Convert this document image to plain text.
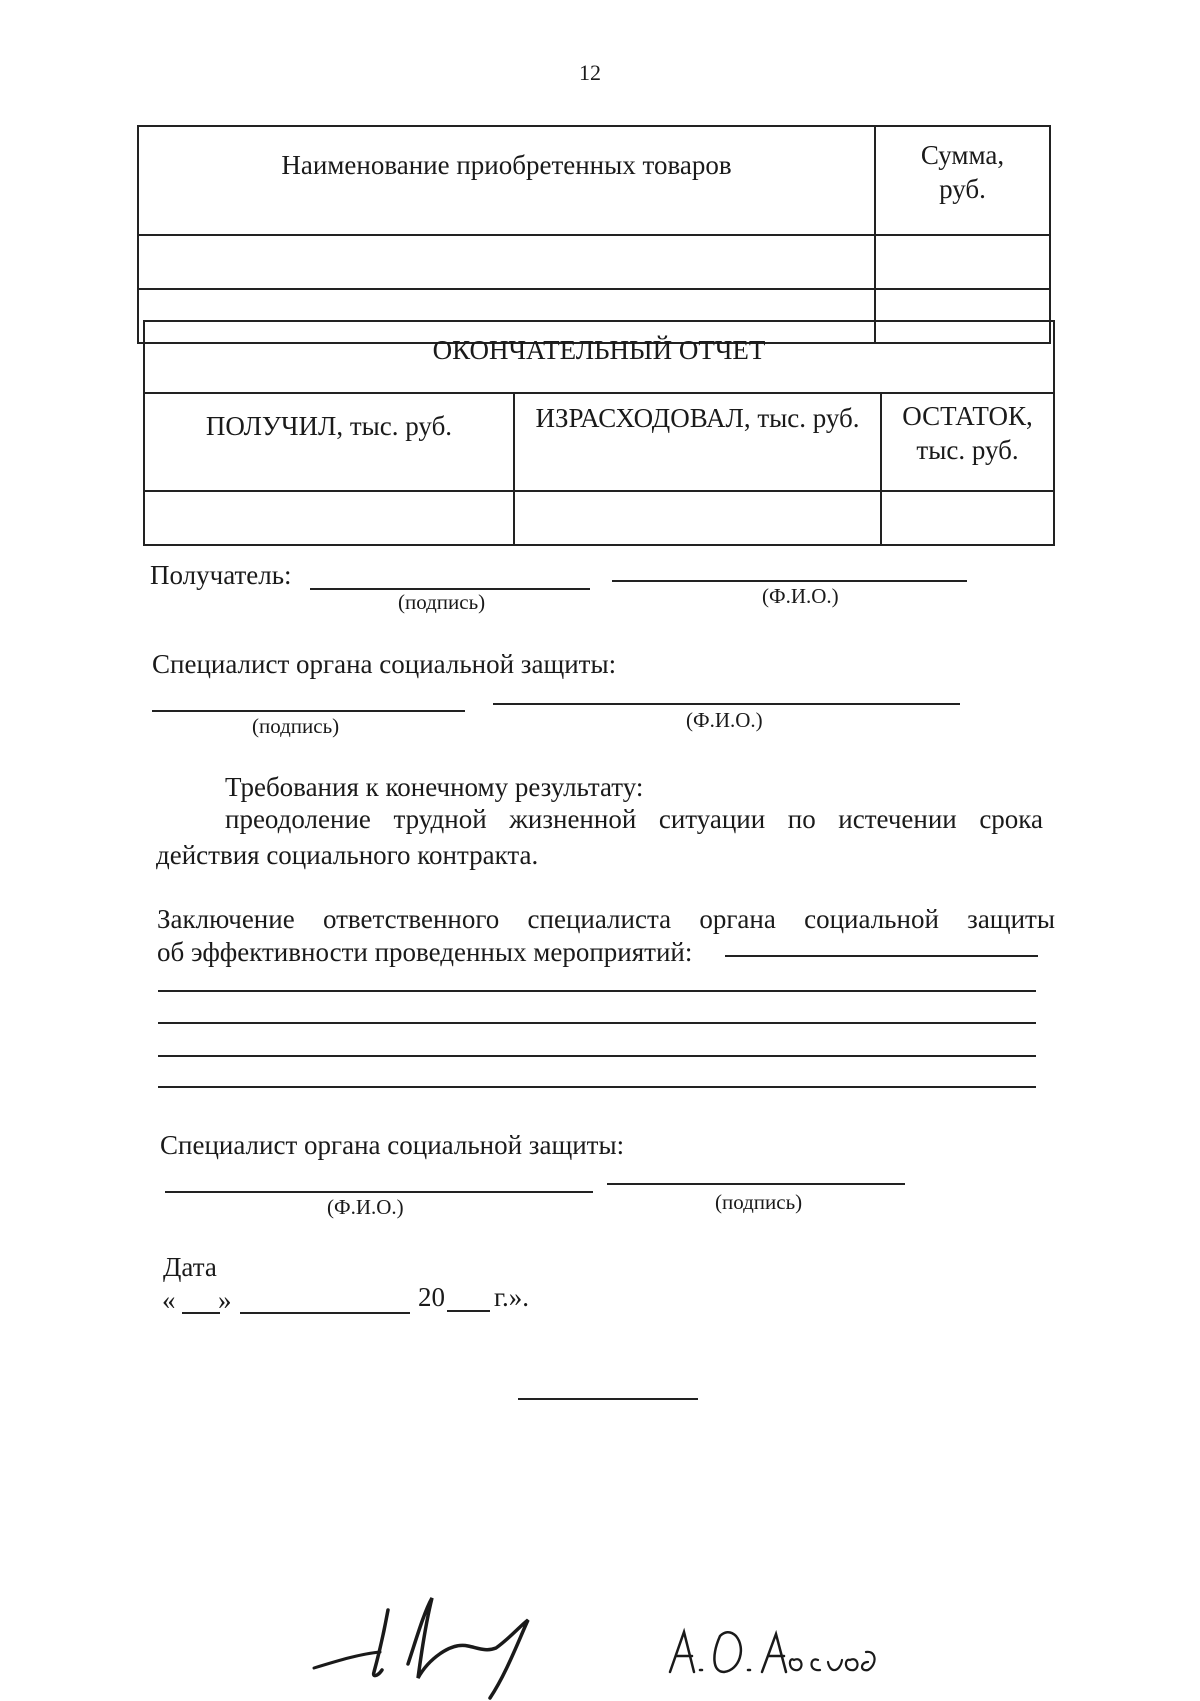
12
Наименование приобретенных товаров	Сумма, руб.

ОКОНЧАТЕЛЬНЫЙ ОТЧЕТ		
ПОЛУЧИЛ, тыс. руб.	ИЗРАСХОДОВАЛ, тыс. руб.	ОСТАТОК, тыс. руб.

Получатель:
(подпись)	(Ф.И.О.)
Специалист органа социальной защиты:
(подпись)	(Ф.И.О.)
Требования к конечному результату:
преодоление трудной жизненной ситуации по истечении срока
действия социального контракта.
Заключение ответственного специалиста органа социальной защиты
об эффективности проведенных мероприятий:
Специалист органа социальной защиты:
(Ф.И.О.)	(подпись)
Дата
« »	20 г.».
